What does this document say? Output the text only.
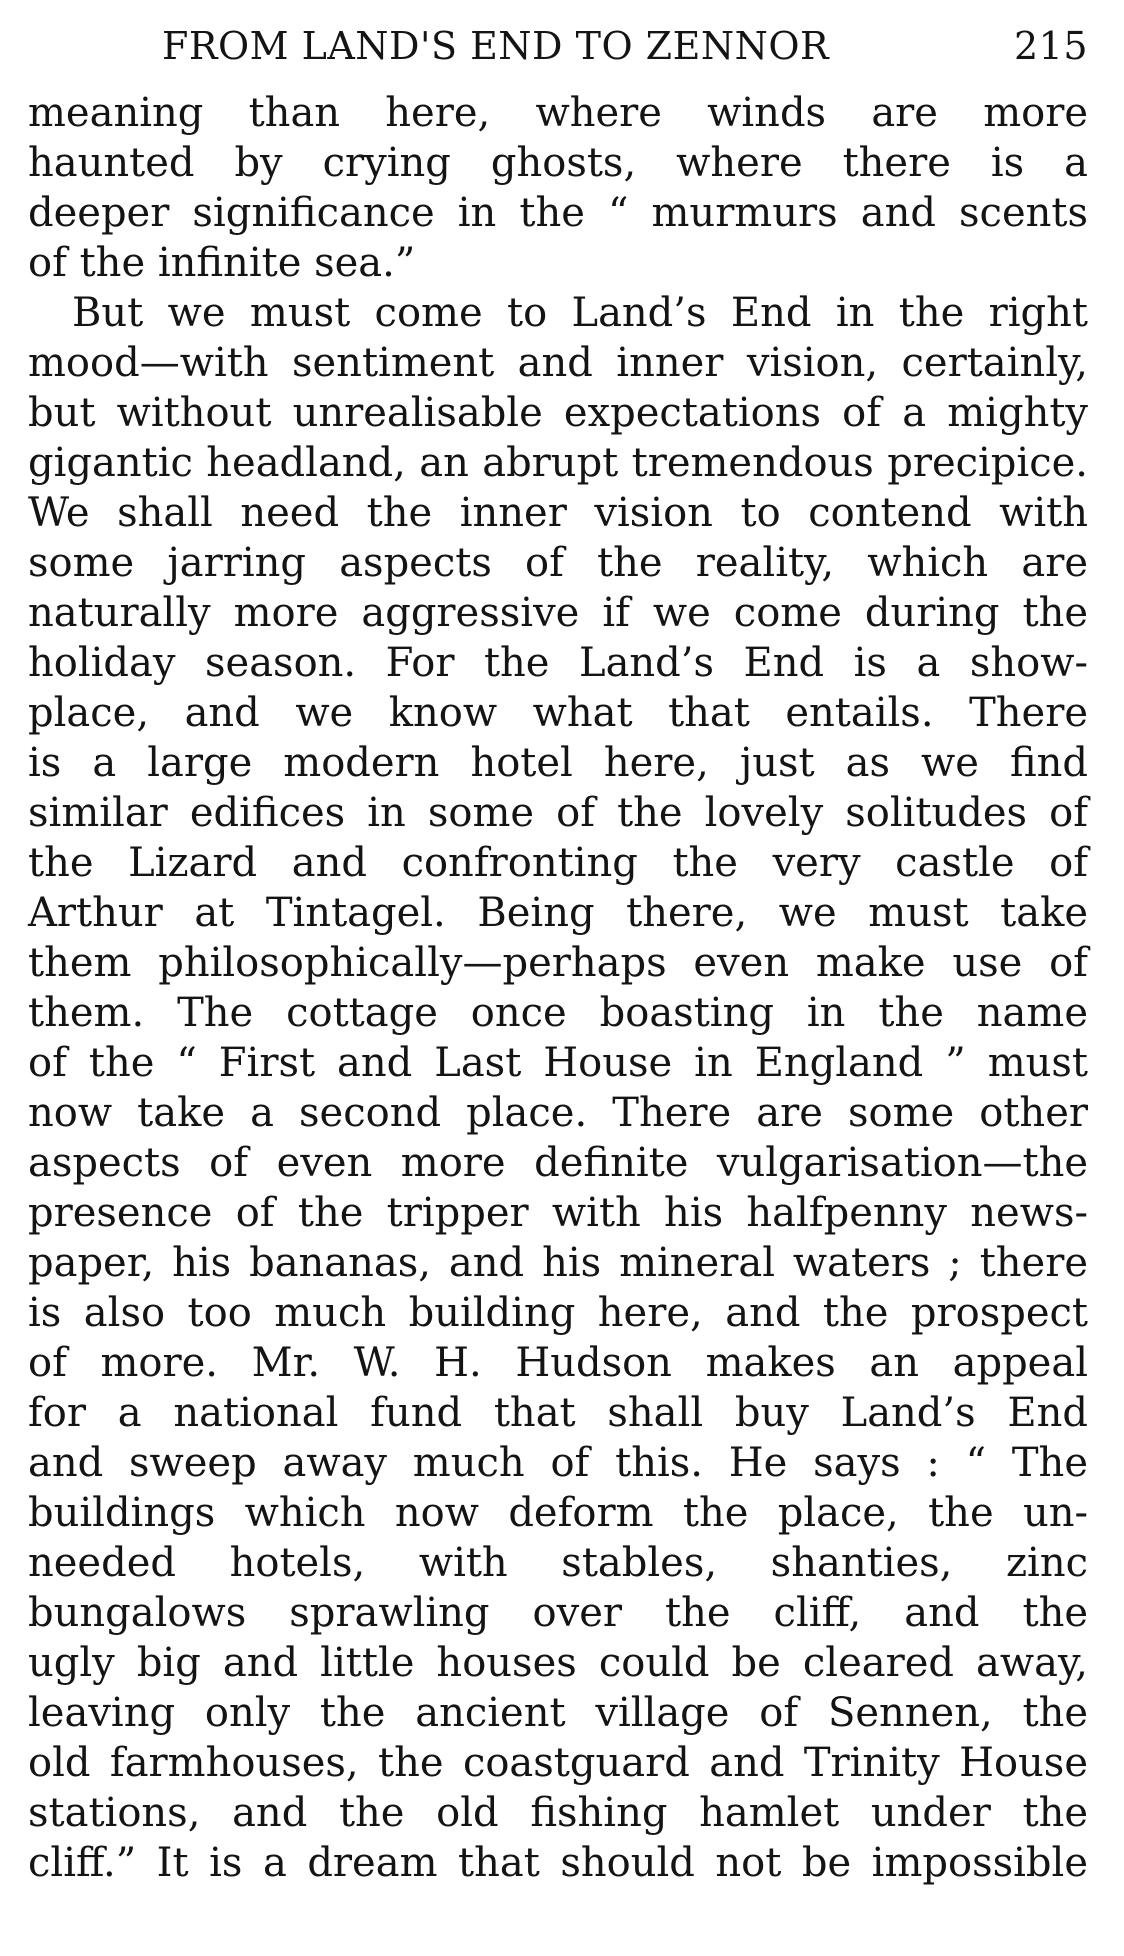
FROM LAND'S END TO ZENNOR	215
meaning than here, where winds are more
haunted by crying ghosts, where there is a
deeper significance in the “ murmurs and scents
of the infinite sea.”
But we must come to Land’s End in the right
mood—with sentiment and inner vision, certainly,
but without unrealisable expectations of a mighty
gigantic headland, an abrupt tremendous precipice.
We shall need the inner vision to contend with
some jarring aspects of the reality, which are
naturally more aggressive if we come during the
holiday season. For the Land’s End is a show-
place, and we know what that entails. There
is a large modern hotel here, just as we find
similar edifices in some of the lovely solitudes of
the Lizard and confronting the very castle of
Arthur at Tintagel. Being there, we must take
them philosophically—perhaps even make use of
them. The cottage once boasting in the name
of the “ First and Last House in England ” must
now take a second place. There are some other
aspects of even more definite vulgarisation—the
presence of the tripper with his halfpenny news-
paper, his bananas, and his mineral waters ; there
is also too much building here, and the prospect
of more. Mr. W. H. Hudson makes an appeal
for a national fund that shall buy Land’s End
and sweep away much of this. He says : “ The
buildings which now deform the place, the un-
needed hotels, with stables, shanties, zinc
bungalows sprawling over the cliff, and the
ugly big and little houses could be cleared away,
leaving only the ancient village of Sennen, the
old farmhouses, the coastguard and Trinity House
stations, and the old fishing hamlet under the
cliff.” It is a dream that should not be impossible
